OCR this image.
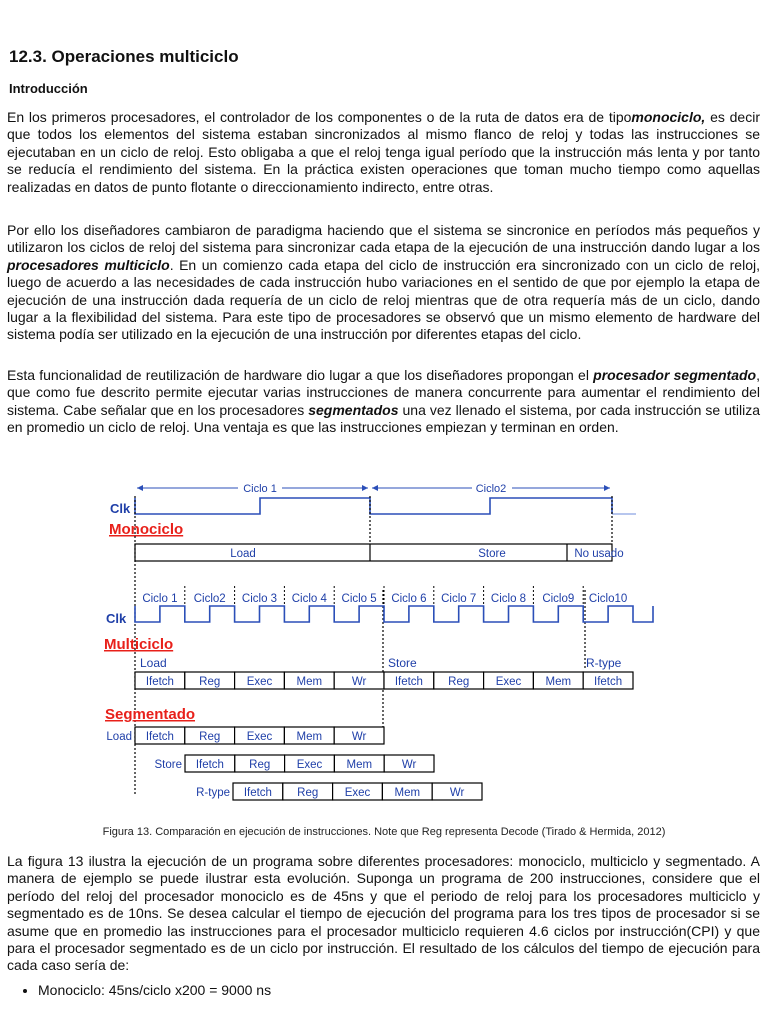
12.3. Operaciones multiciclo
Introducción

En los primeros procesadores, el controlador de los componentes o de la ruta de datos era de tipomonociclo, es decir que todos los elementos del sistema estaban sincronizados al mismo flanco de reloj y todas las instrucciones se ejecutaban en un ciclo de reloj. Esto obligaba a que el reloj tenga igual período que la instrucción más lenta y por tanto se reducía el rendimiento del sistema. En la práctica existen operaciones que toman mucho tiempo como aquellas realizadas en datos de punto flotante o direccionamiento indirecto, entre otras.

Por ello los diseñadores cambiaron de paradigma haciendo que el sistema se sincronice en períodos más pequeños y utilizaron los ciclos de reloj del sistema para sincronizar cada etapa de la ejecución de una instrucción dando lugar a los procesadores multiciclo. En un comienzo cada etapa del ciclo de instrucción era sincronizado con un ciclo de reloj, luego de acuerdo a las necesidades de cada instrucción hubo variaciones en el sentido de que por ejemplo la etapa de ejecución de una instrucción dada requería de un ciclo de reloj mientras que de otra requería más de un ciclo, dando lugar a la flexibilidad del sistema. Para este tipo de procesadores se observó que un mismo elemento de hardware del sistema podía ser utilizado en la ejecución de una instrucción por diferentes etapas del ciclo.

Esta funcionalidad de reutilización de hardware dio lugar a que los diseñadores propongan el procesador segmentado, que como fue descrito permite ejecutar varias instrucciones de manera concurrente para aumentar el rendimiento del sistema. Cabe señalar que en los procesadores segmentados una vez llenado el sistema, por cada instrucción se utiliza en promedio un ciclo de reloj. Una ventaja es que las instrucciones empiezan y terminan en orden.

Clk
Ciclo 1	Ciclo2
Monociclo
Load	Store	No usado
Clk
Ciclo 1 Ciclo2 Ciclo 3 Ciclo 4 Ciclo 5 Ciclo 6 Ciclo 7 Ciclo 8 Ciclo9 Ciclo10
Multiciclo
Load	Store	R-type
Ifetch Reg Exec Mem	Wr Ifetch Reg Exec Mem Ifetch
Segmentado
Load Ifetch Reg Exec Mem	Wr
Store Ifetch Reg Exec Mem	Wr
R-type Ifetch Reg Exec Mem	Wr

Figura 13. Comparación en ejecución de instrucciones. Note que Reg representa Decode (Tirado & Hermida, 2012)

La figura 13 ilustra la ejecución de un programa sobre diferentes procesadores: monociclo, multiciclo y segmentado. A manera de ejemplo se puede ilustrar esta evolución. Suponga un programa de 200 instrucciones, considere que el período del reloj del procesador monociclo es de 45ns y que el periodo de reloj para los procesadores multiciclo y segmentado es de 10ns. Se desea calcular el tiempo de ejecución del programa para los tres tipos de procesador si se asume que en promedio las instrucciones para el procesador multiciclo requieren 4.6 ciclos por instrucción(CPI) y que para el procesador segmentado es de un ciclo por instrucción. El resultado de los cálculos del tiempo de ejecución para cada caso sería de:

• Monociclo: 45ns/ciclo x200 = 9000 ns
